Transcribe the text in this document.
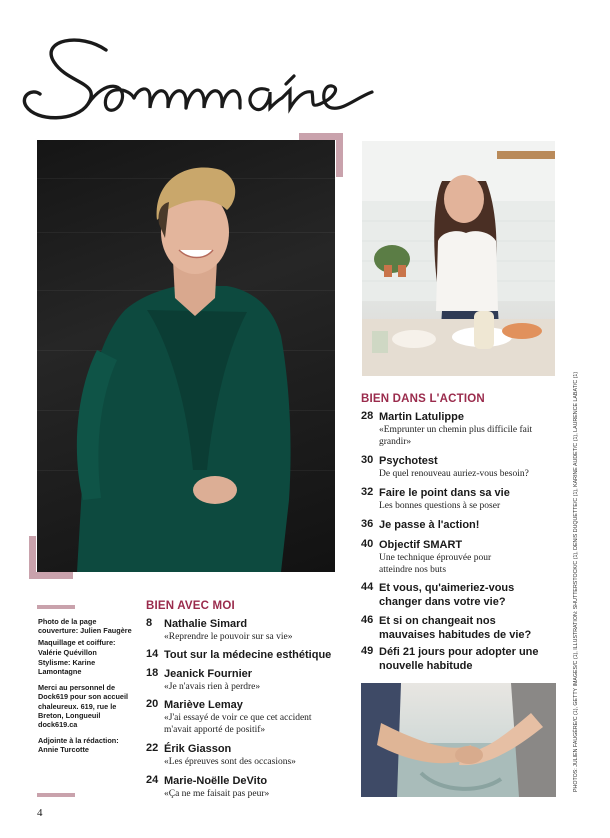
BIEN DANS L'ACTION
28 Martin Latulippe
«Emprunter un chemin plus difficile fait grandir»
30 Psychotest
De quel renouveau auriez-vous besoin?
32 Faire le point dans sa vie
Les bonnes questions à se poser
36 Je passe à l'action!
40 Objectif SMART
Une technique éprouvée pour atteindre nos buts
44 Et vous, qu'aimeriez-vous changer dans votre vie?
46 Et si on changeait nos mauvaises habitudes de vie?
49 Défi 21 jours pour adopter une nouvelle habitude
BIEN AVEC MOI
8	Nathalie Simard
«Reprendre le pouvoir sur sa vie»
14 Tout sur la médecine esthétique
18 Jeanick Fournier
«Je n'avais rien à perdre»
20 Marièvе Lemay
«J'ai essayé de voir ce que cet accident m'avait apporté de positif»
22 Érik Giasson
«Les épreuves sont des occasions»
24 Marie-Noëlle DeVito
«Ça ne me faisait pas peur»

Photo de la page couverture: Julien Faugère

Maquillage et coiffure: Valérie Quévillon

Stylisme: Karine Lamontagne

Merci au personnel de Dock619 pour son accueil chaleureux. 619, rue le Breton, Longueuil dock619.ca

Adjointe à la rédaction: Annie Turcotte

4
PHOTOS: JULIEN FAUGÈRE/C (1), GETTY IMAGES/C (1), ILLUSTRATION: SHUTTERSTOCK/C (1), DENIS DUQUETTE/C (1), KARINE AUDET/C (1), LAURENCE LABAT/C (1)
